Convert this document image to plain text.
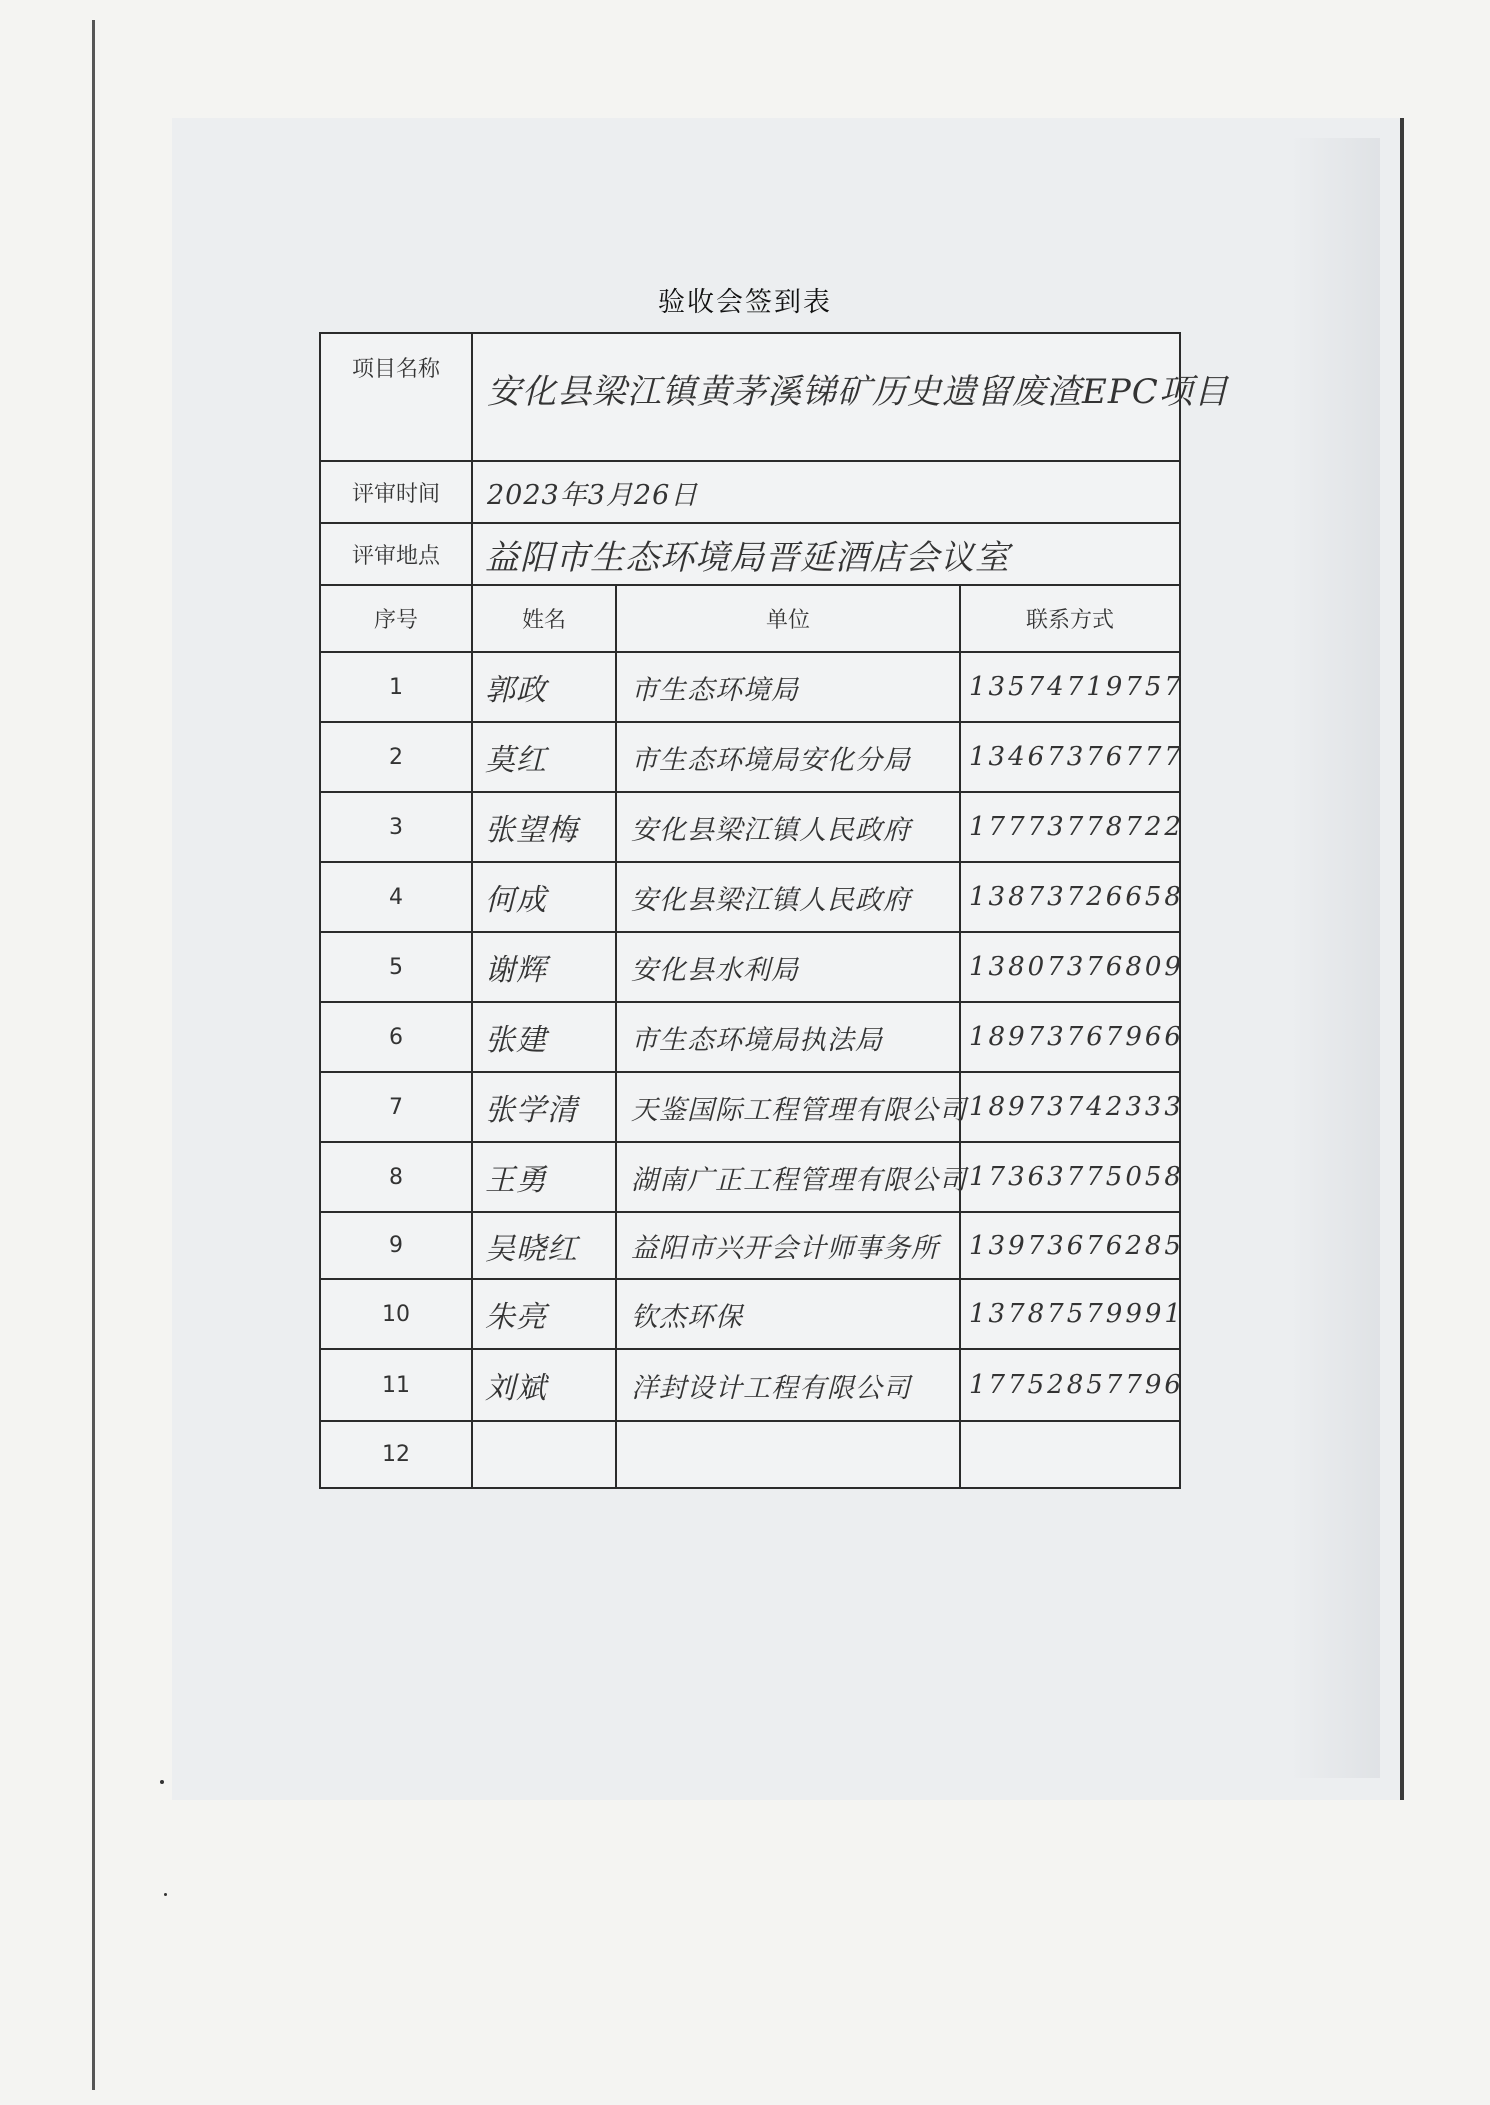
验收会签到表
项目名称	安化县梁江镇黄茅溪锑矿历史遗留废渣EPC项目		
评审时间	2023年3月26日		
评审地点	益阳市生态环境局晋延酒店会议室		
序号	姓名	单位	联系方式
1	郭政	市生态环境局	13574719757
2	莫红	市生态环境局安化分局	13467376777
3	张望梅	安化县梁江镇人民政府	17773778722
4	何成	安化县梁江镇人民政府	13873726658
5	谢辉	安化县水利局	13807376809
6	张建	市生态环境局执法局	18973767966
7	张学清	天鉴国际工程管理有限公司	18973742333
8	王勇	湖南广正工程管理有限公司	17363775058
9	吴晓红	益阳市兴开会计师事务所	13973676285
10	朱亮	钦杰环保	13787579991
11	刘斌	洋封设计工程有限公司	17752857796
12			
